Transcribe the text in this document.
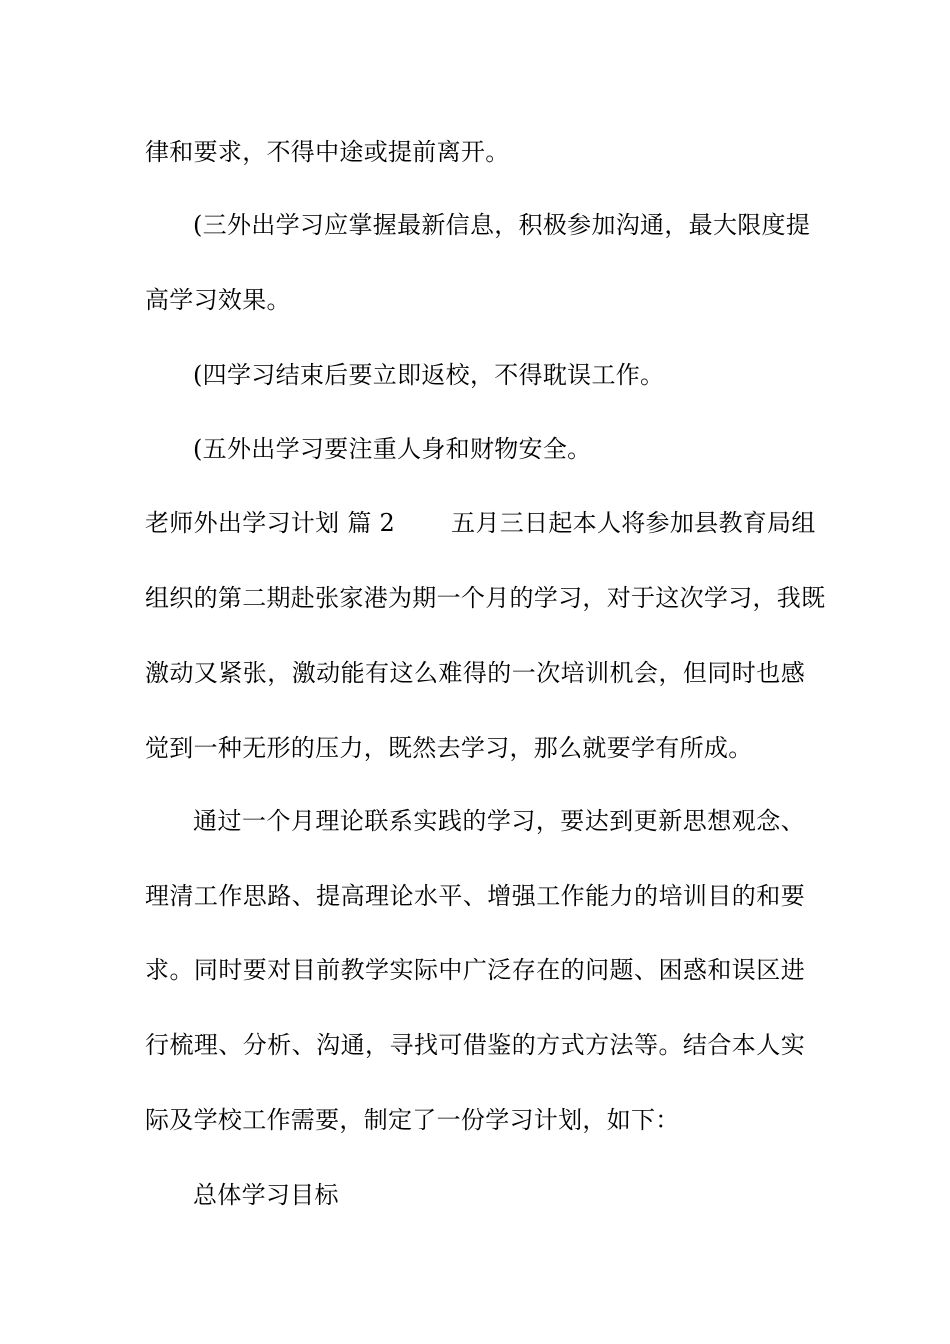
律和要求，不得中途或提前离开。
(三外出学习应掌握最新信息，积极参加沟通，最大限度提
高学习效果。
(四学习结束后要立即返校，不得耽误工作。
(五外出学习要注重人身和财物安全。
老师外出学习计划 篇 2 五月三日起本人将参加县教育局组
组织的第二期赴张家港为期一个月的学习，对于这次学习，我既
激动又紧张，激动能有这么难得的一次培训机会，但同时也感
觉到一种无形的压力，既然去学习，那么就要学有所成。
通过一个月理论联系实践的学习，要达到更新思想观念、
理清工作思路、提高理论水平、增强工作能力的培训目的和要
求。同时要对目前教学实际中广泛存在的问题、困惑和误区进
行梳理、分析、沟通，寻找可借鉴的方式方法等。结合本人实
际及学校工作需要，制定了一份学习计划，如下：
总体学习目标
